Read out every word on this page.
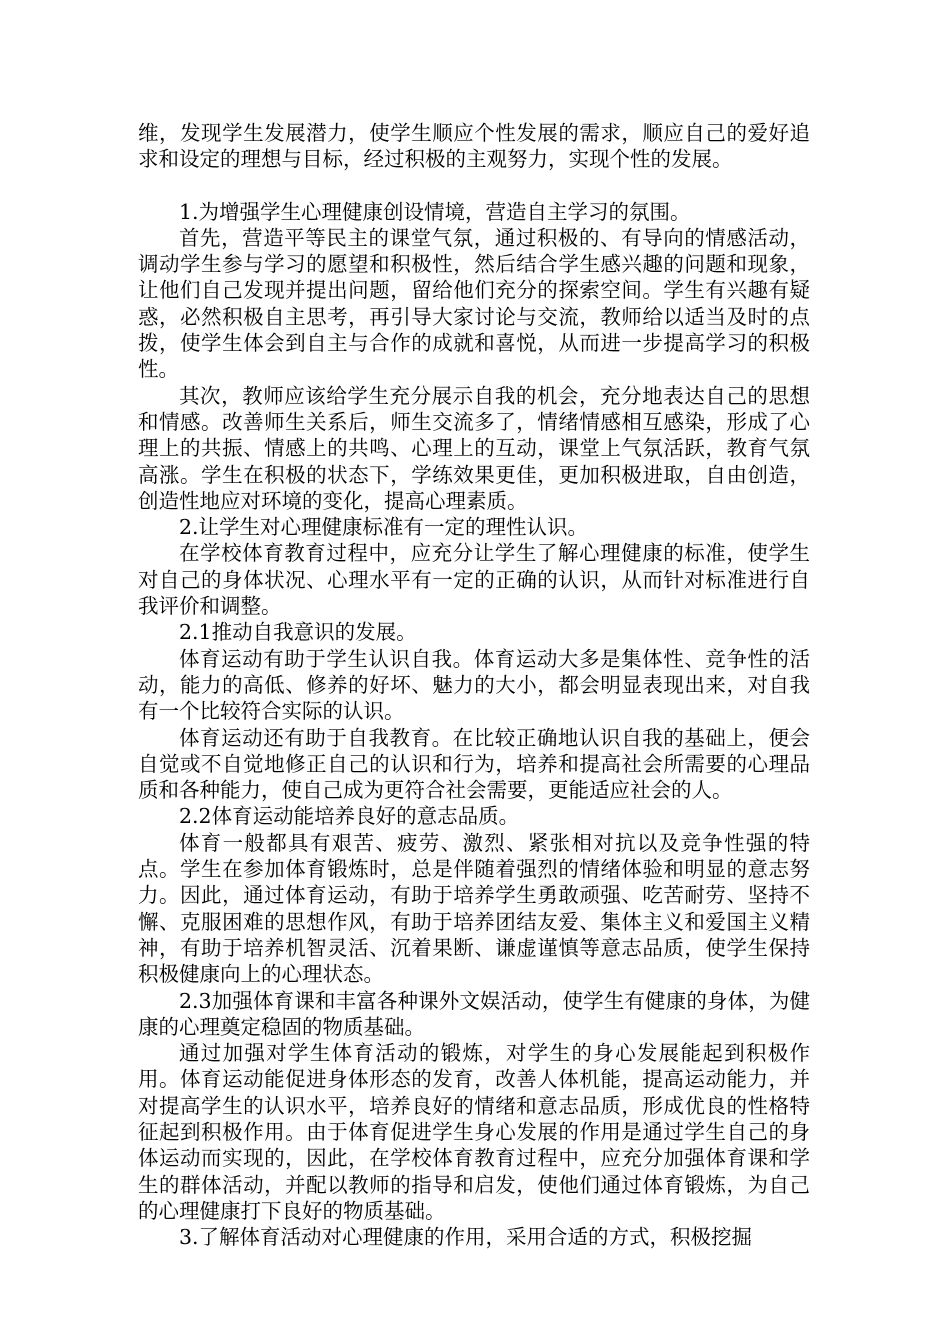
维，发现学生发展潜力，使学生顺应个性发展的需求，顺应自己的爱好追求和设定的理想与目标，经过积极的主观努力，实现个性的发展。

1.为增强学生心理健康创设情境，营造自主学习的氛围。

首先，营造平等民主的课堂气氛，通过积极的、有导向的情感活动，调动学生参与学习的愿望和积极性，然后结合学生感兴趣的问题和现象，让他们自己发现并提出问题，留给他们充分的探索空间。学生有兴趣有疑惑，必然积极自主思考，再引导大家讨论与交流，教师给以适当及时的点拨，使学生体会到自主与合作的成就和喜悦，从而进一步提高学习的积极性。

其次，教师应该给学生充分展示自我的机会，充分地表达自己的思想和情感。改善师生关系后，师生交流多了，情绪情感相互感染，形成了心理上的共振、情感上的共鸣、心理上的互动，课堂上气氛活跃，教育气氛高涨。学生在积极的状态下，学练效果更佳，更加积极进取，自由创造，创造性地应对环境的变化，提高心理素质。

2.让学生对心理健康标准有一定的理性认识。

在学校体育教育过程中，应充分让学生了解心理健康的标准，使学生对自己的身体状况、心理水平有一定的正确的认识，从而针对标准进行自我评价和调整。

2.1推动自我意识的发展。

体育运动有助于学生认识自我。体育运动大多是集体性、竞争性的活动，能力的高低、修养的好坏、魅力的大小，都会明显表现出来，对自我有一个比较符合实际的认识。

体育运动还有助于自我教育。在比较正确地认识自我的基础上，便会自觉或不自觉地修正自己的认识和行为，培养和提高社会所需要的心理品质和各种能力，使自己成为更符合社会需要，更能适应社会的人。

2.2体育运动能培养良好的意志品质。

体育一般都具有艰苦、疲劳、激烈、紧张相对抗以及竞争性强的特点。学生在参加体育锻炼时，总是伴随着强烈的情绪体验和明显的意志努力。因此，通过体育运动，有助于培养学生勇敢顽强、吃苦耐劳、坚持不懈、克服困难的思想作风，有助于培养团结友爱、集体主义和爱国主义精神，有助于培养机智灵活、沉着果断、谦虚谨慎等意志品质，使学生保持积极健康向上的心理状态。

2.3加强体育课和丰富各种课外文娱活动，使学生有健康的身体，为健康的心理奠定稳固的物质基础。

通过加强对学生体育活动的锻炼，对学生的身心发展能起到积极作用。体育运动能促进身体形态的发育，改善人体机能，提高运动能力，并对提高学生的认识水平，培养良好的情绪和意志品质，形成优良的性格特征起到积极作用。由于体育促进学生身心发展的作用是通过学生自己的身体运动而实现的，因此，在学校体育教育过程中，应充分加强体育课和学生的群体活动，并配以教师的指导和启发，使他们通过体育锻炼，为自己的心理健康打下良好的物质基础。

3.了解体育活动对心理健康的作用，采用合适的方式，积极挖掘
